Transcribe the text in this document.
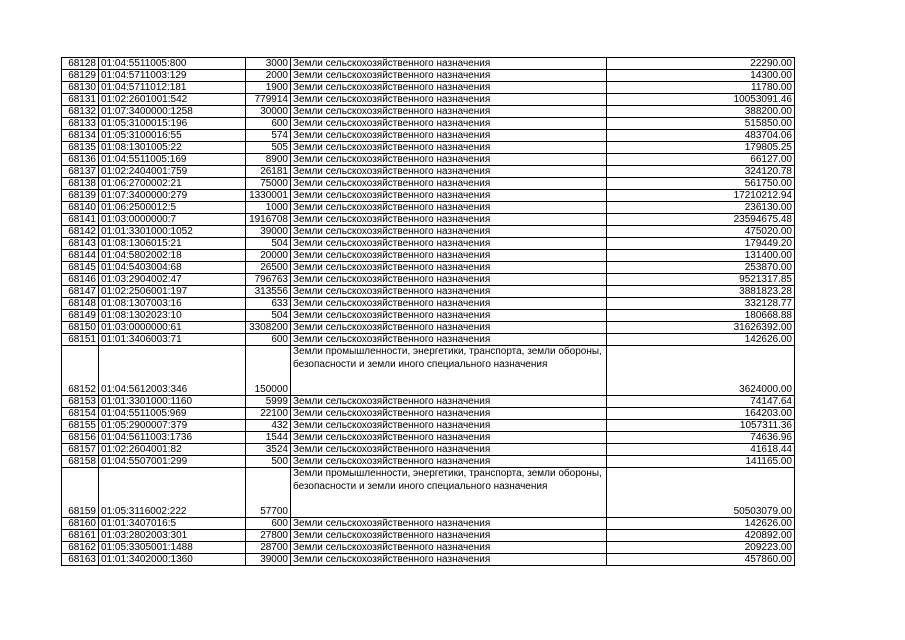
68128	01:04:5511005:800	3000	Земли сельскохозяйственного назначения	22290.00
68129	01:04:5711003:129	2000	Земли сельскохозяйственного назначения	14300.00
68130	01:04:5711012:181	1900	Земли сельскохозяйственного назначения	11780.00
68131	01:02:2601001:542	779914	Земли сельскохозяйственного назначения	10053091.46
68132	01:07:3400000:1258	30000	Земли сельскохозяйственного назначения	388200.00
68133	01:05:3100015:196	600	Земли сельскохозяйственного назначения	515850.00
68134	01:05:3100016:55	574	Земли сельскохозяйственного назначения	483704.06
68135	01:08:1301005:22	505	Земли сельскохозяйственного назначения	179805.25
68136	01:04:5511005:169	8900	Земли сельскохозяйственного назначения	66127.00
68137	01:02:2404001:759	26181	Земли сельскохозяйственного назначения	324120.78
68138	01:06:2700002:21	75000	Земли сельскохозяйственного назначения	561750.00
68139	01:07:3400000:279	1330001	Земли сельскохозяйственного назначения	17210212.94
68140	01:06:2500012:5	1000	Земли сельскохозяйственного назначения	236130.00
68141	01:03:0000000:7	1916708	Земли сельскохозяйственного назначения	23594675.48
68142	01:01:3301000:1052	39000	Земли сельскохозяйственного назначения	475020.00
68143	01:08:1306015:21	504	Земли сельскохозяйственного назначения	179449.20
68144	01:04:5802002:18	20000	Земли сельскохозяйственного назначения	131400.00
68145	01:04:5403004:68	26500	Земли сельскохозяйственного назначения	253870.00
68146	01:03:2904002:47	796763	Земли сельскохозяйственного назначения	9521317.85
68147	01:02:2506001:197	313556	Земли сельскохозяйственного назначения	3881823.28
68148	01:08:1307003:16	633	Земли сельскохозяйственного назначения	332128.77
68149	01:08:1302023:10	504	Земли сельскохозяйственного назначения	180668.88
68150	01:03:0000000:61	3308200	Земли сельскохозяйственного назначения	31626392.00
68151	01:01:3406003:71	600	Земли сельскохозяйственного назначения	142626.00
68152	01:04:5612003:346	150000	Земли промышленности, энергетики, транспорта, земли обороны, безопасности и земли иного специального назначения	3624000.00
68153	01:01:3301000:1160	5999	Земли сельскохозяйственного назначения	74147.64
68154	01:04:5511005:969	22100	Земли сельскохозяйственного назначения	164203.00
68155	01:05:2900007:379	432	Земли сельскохозяйственного назначения	1057311.36
68156	01:04:5611003:1736	1544	Земли сельскохозяйственного назначения	74636.96
68157	01:02:2604001:82	3524	Земли сельскохозяйственного назначения	41618.44
68158	01:04:5507001:299	500	Земли сельскохозяйственного назначения	141165.00
68159	01:05:3116002:222	57700	Земли промышленности, энергетики, транспорта, земли обороны, безопасности и земли иного специального назначения	50503079.00
68160	01:01:3407016:5	600	Земли сельскохозяйственного назначения	142626.00
68161	01:03:2802003:301	27800	Земли сельскохозяйственного назначения	420892.00
68162	01:05:3305001:1488	28700	Земли сельскохозяйственного назначения	209223.00
68163	01:01:3402000:1360	39000	Земли сельскохозяйственного назначения	457860.00
